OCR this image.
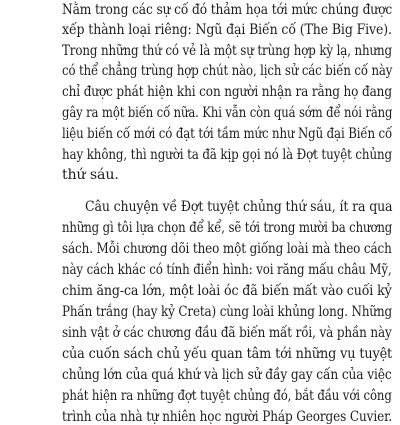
Nằm trong các sự cố đó thảm họa tới mức chúng được
xếp thành loại riêng: Ngũ đại Biến cố (The Big Five).
Trong những thứ có vẻ là một sự trùng hợp kỳ lạ, nhưng
có thể chẳng trùng hợp chút nào, lịch sử các biến cố này
chỉ được phát hiện khi con người nhận ra rằng họ đang
gây ra một biến cố nữa. Khi vẫn còn quá sớm để nói rằng
liệu biến cố mới có đạt tới tầm mức như Ngũ đại Biến cố
hay không, thì người ta đã kịp gọi nó là Đợt tuyệt chủng
thứ sáu.
Câu chuyện về Đợt tuyệt chủng thứ sáu, ít ra qua
những gì tôi lựa chọn để kể, sẽ tới trong mười ba chương
sách. Mỗi chương dõi theo một giống loài mà theo cách
này cách khác có tính điển hình: voi răng mấu châu Mỹ,
chim ăng-ca lớn, một loài óc đã biến mất vào cuối kỷ
Phấn trắng (hay kỷ Creta) cùng loài khủng long. Những
sinh vật ở các chương đầu đã biến mất rồi, và phần này
của cuốn sách chủ yếu quan tâm tới những vụ tuyệt
chủng lớn của quá khứ và lịch sử đầy gay cấn của việc
phát hiện ra những đợt tuyệt chủng đó, bắt đầu với công
trình của nhà tự nhiên học người Pháp Georges Cuvier.
